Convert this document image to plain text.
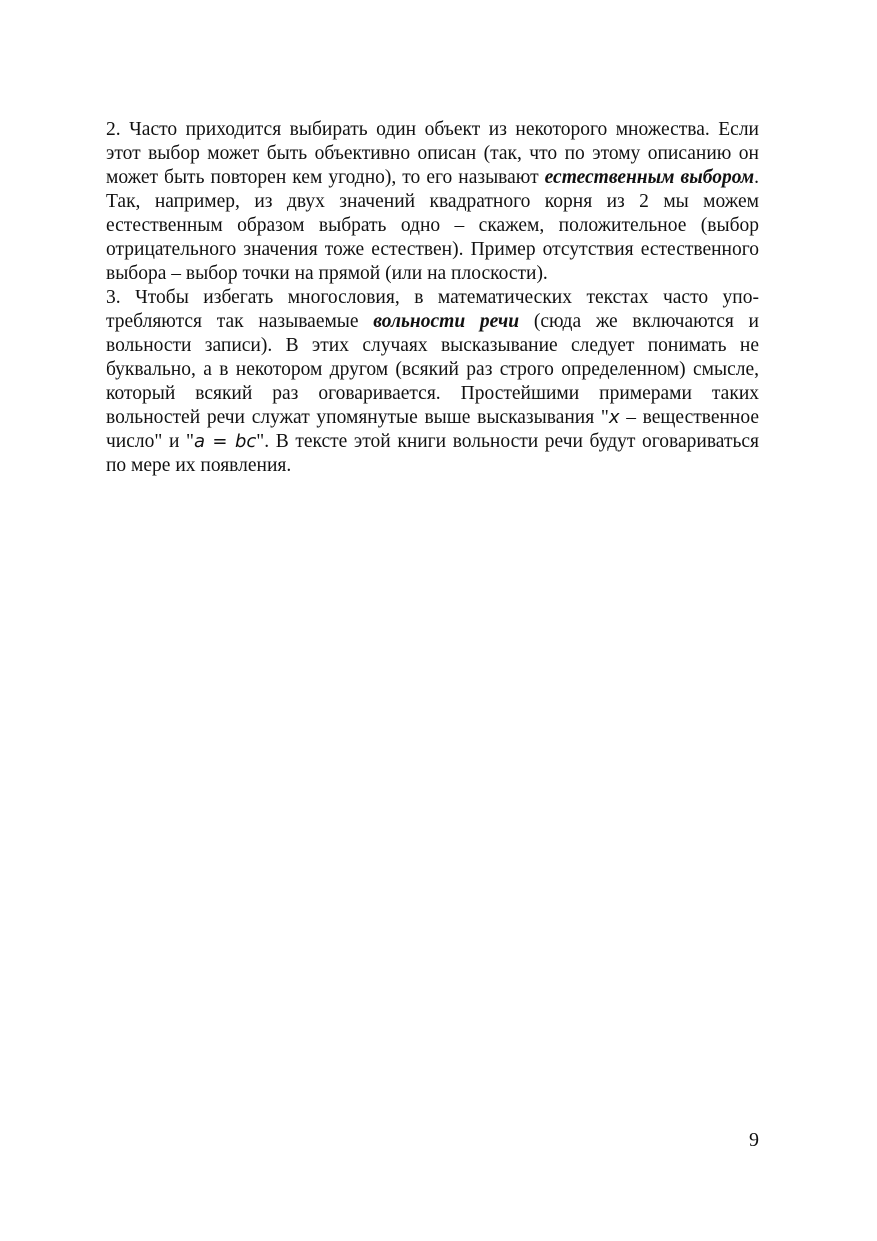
2. Часто приходится выбирать один объект из некоторого множества. Если этот выбор может быть объективно описан (так, что по этому описанию он может быть повторен кем угодно), то его называют естественным выбором. Так, например, из двух значений квадратного корня из 2 мы можем естественным образом выбрать одно – скажем, положительное (выбор отрицательного значения тоже естествен). Пример отсутствия естественного выбора – выбор точки на прямой (или на плоскости).

3. Чтобы избегать многословия, в математических текстах часто употребляются так называемые вольности речи (сюда же включаются и вольности записи). В этих случаях высказывание следует понимать не буквально, а в некотором другом (всякий раз строго определенном) смысле, который всякий раз оговаривается. Простейшими примерами таких вольностей речи служат упомянутые выше высказывания "x – вещественное число" и "a = bc". В тексте этой книги вольности речи будут оговариваться по мере их появления.

9
